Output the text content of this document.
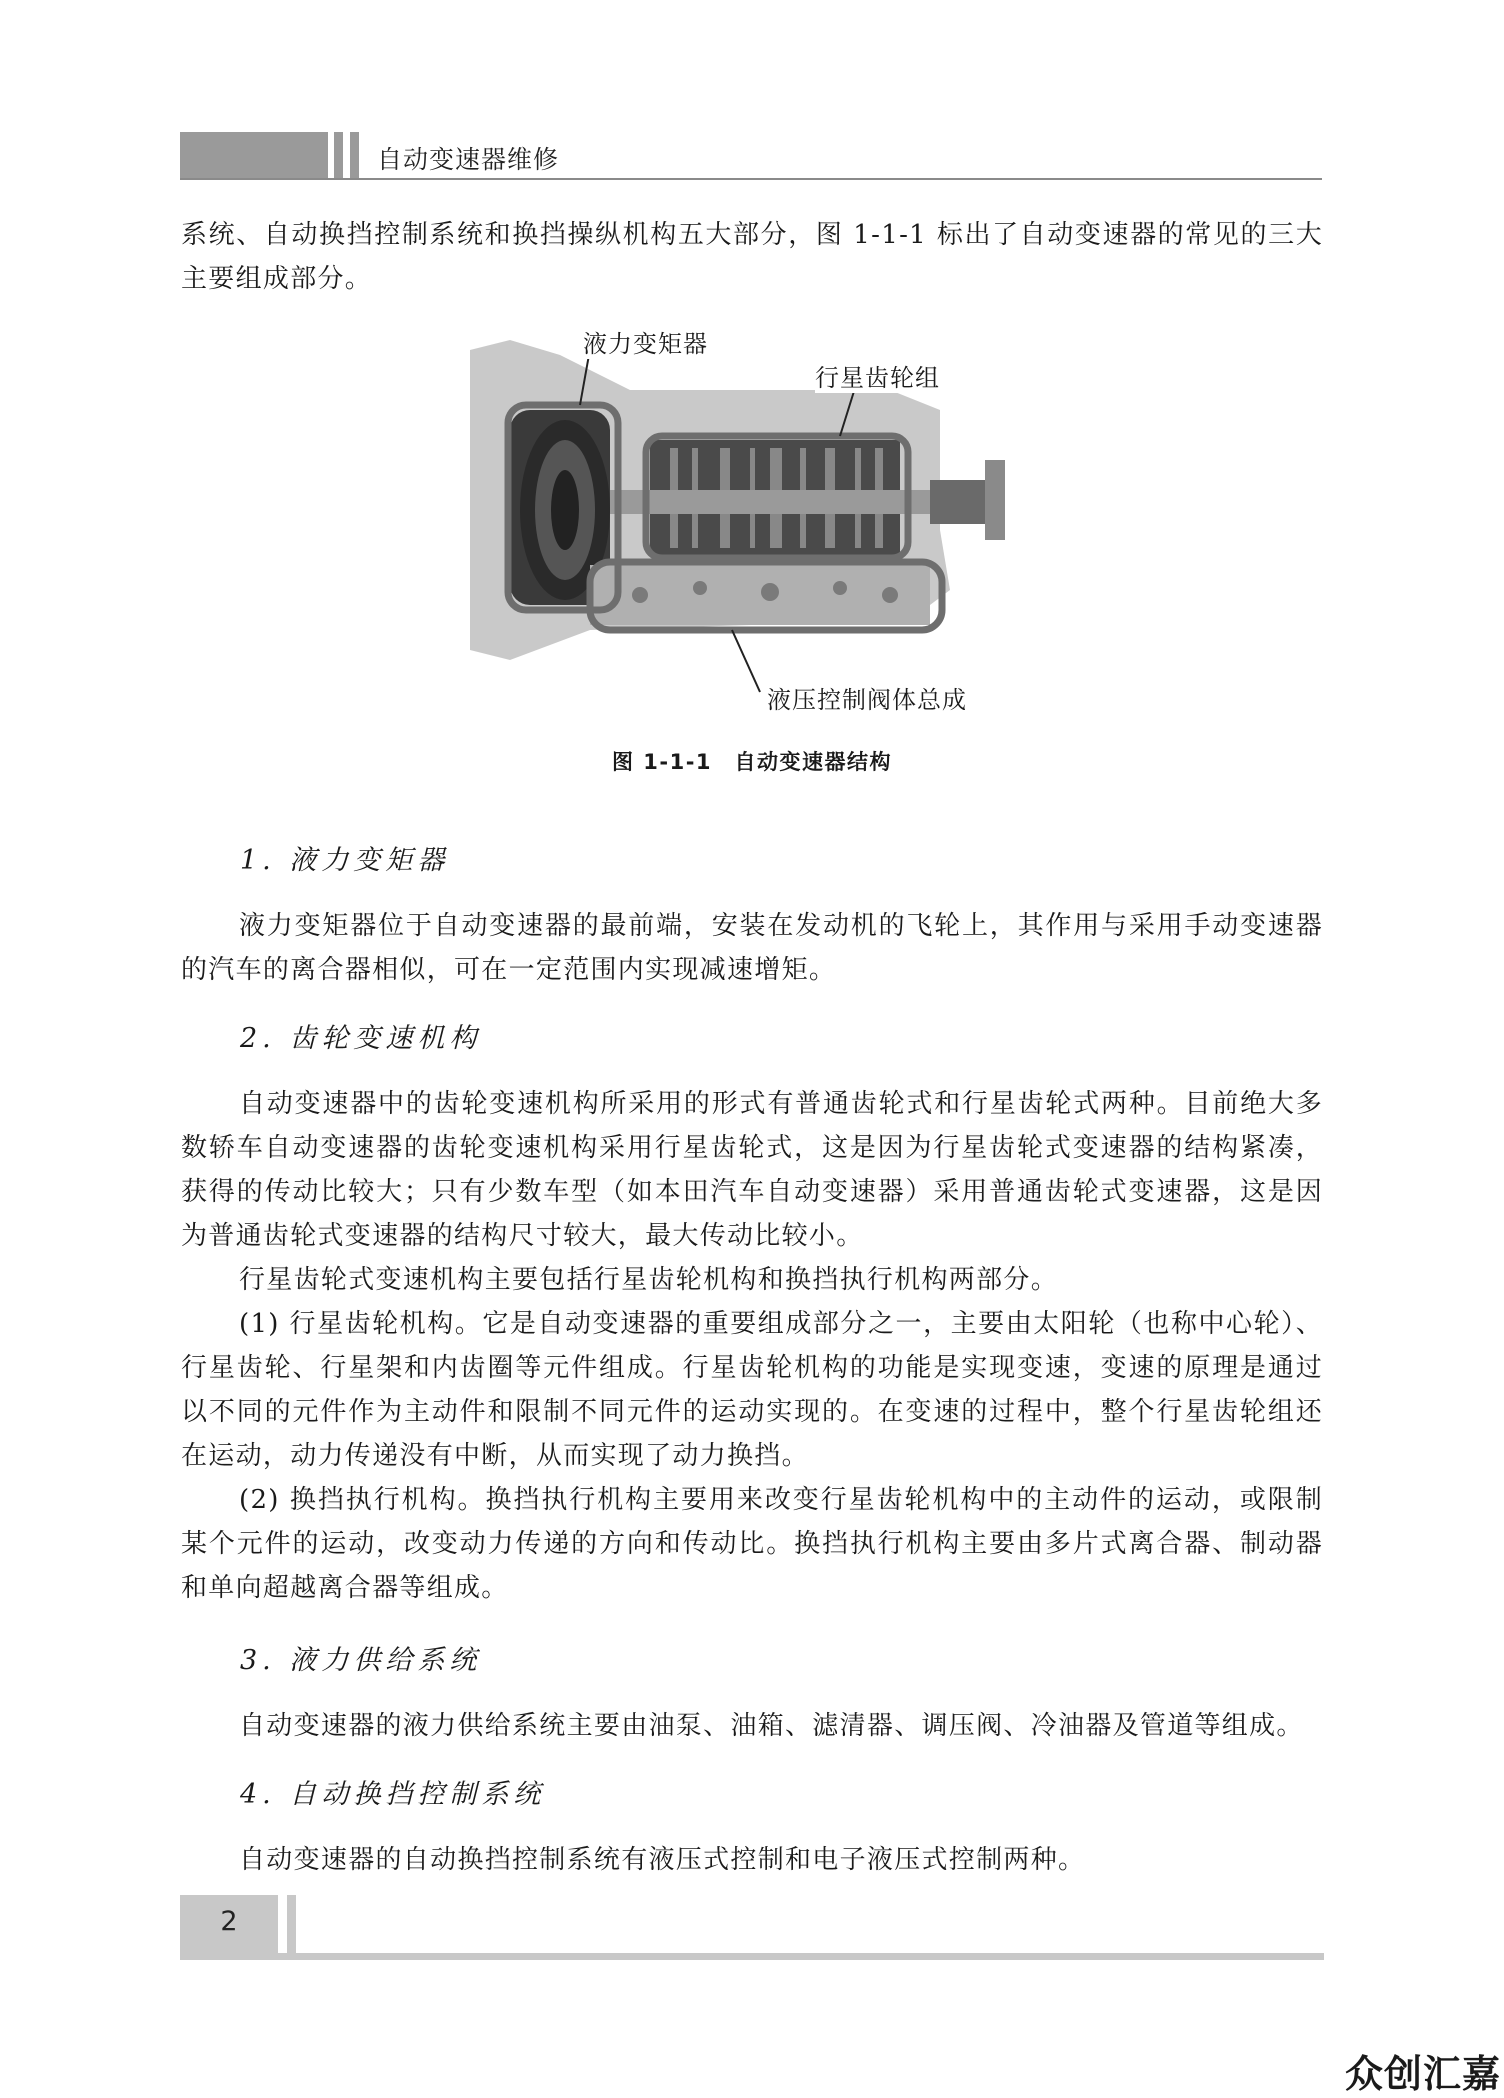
自动变速器维修

系统、自动换挡控制系统和换挡操纵机构五大部分，图 1-1-1 标出了自动变速器的常见的三大主要组成部分。

液力变矩器
行星齿轮组
液压控制阀体总成
图 1-1-1　自动变速器结构
1. 液力变矩器

液力变矩器位于自动变速器的最前端，安装在发动机的飞轮上，其作用与采用手动变速器的汽车的离合器相似，可在一定范围内实现减速增矩。

2. 齿轮变速机构

自动变速器中的齿轮变速机构所采用的形式有普通齿轮式和行星齿轮式两种。目前绝大多数轿车自动变速器的齿轮变速机构采用行星齿轮式，这是因为行星齿轮式变速器的结构紧凑，获得的传动比较大；只有少数车型（如本田汽车自动变速器）采用普通齿轮式变速器，这是因为普通齿轮式变速器的结构尺寸较大，最大传动比较小。

行星齿轮式变速机构主要包括行星齿轮机构和换挡执行机构两部分。

(1) 行星齿轮机构。它是自动变速器的重要组成部分之一，主要由太阳轮（也称中心轮）、行星齿轮、行星架和内齿圈等元件组成。行星齿轮机构的功能是实现变速，变速的原理是通过以不同的元件作为主动件和限制不同元件的运动实现的。在变速的过程中，整个行星齿轮组还在运动，动力传递没有中断，从而实现了动力换挡。

(2) 换挡执行机构。换挡执行机构主要用来改变行星齿轮机构中的主动件的运动，或限制某个元件的运动，改变动力传递的方向和传动比。换挡执行机构主要由多片式离合器、制动器和单向超越离合器等组成。

3. 液力供给系统

自动变速器的液力供给系统主要由油泵、油箱、滤清器、调压阀、冷油器及管道等组成。

4. 自动换挡控制系统

自动变速器的自动换挡控制系统有液压式控制和电子液压式控制两种。

2
众创汇嘉
